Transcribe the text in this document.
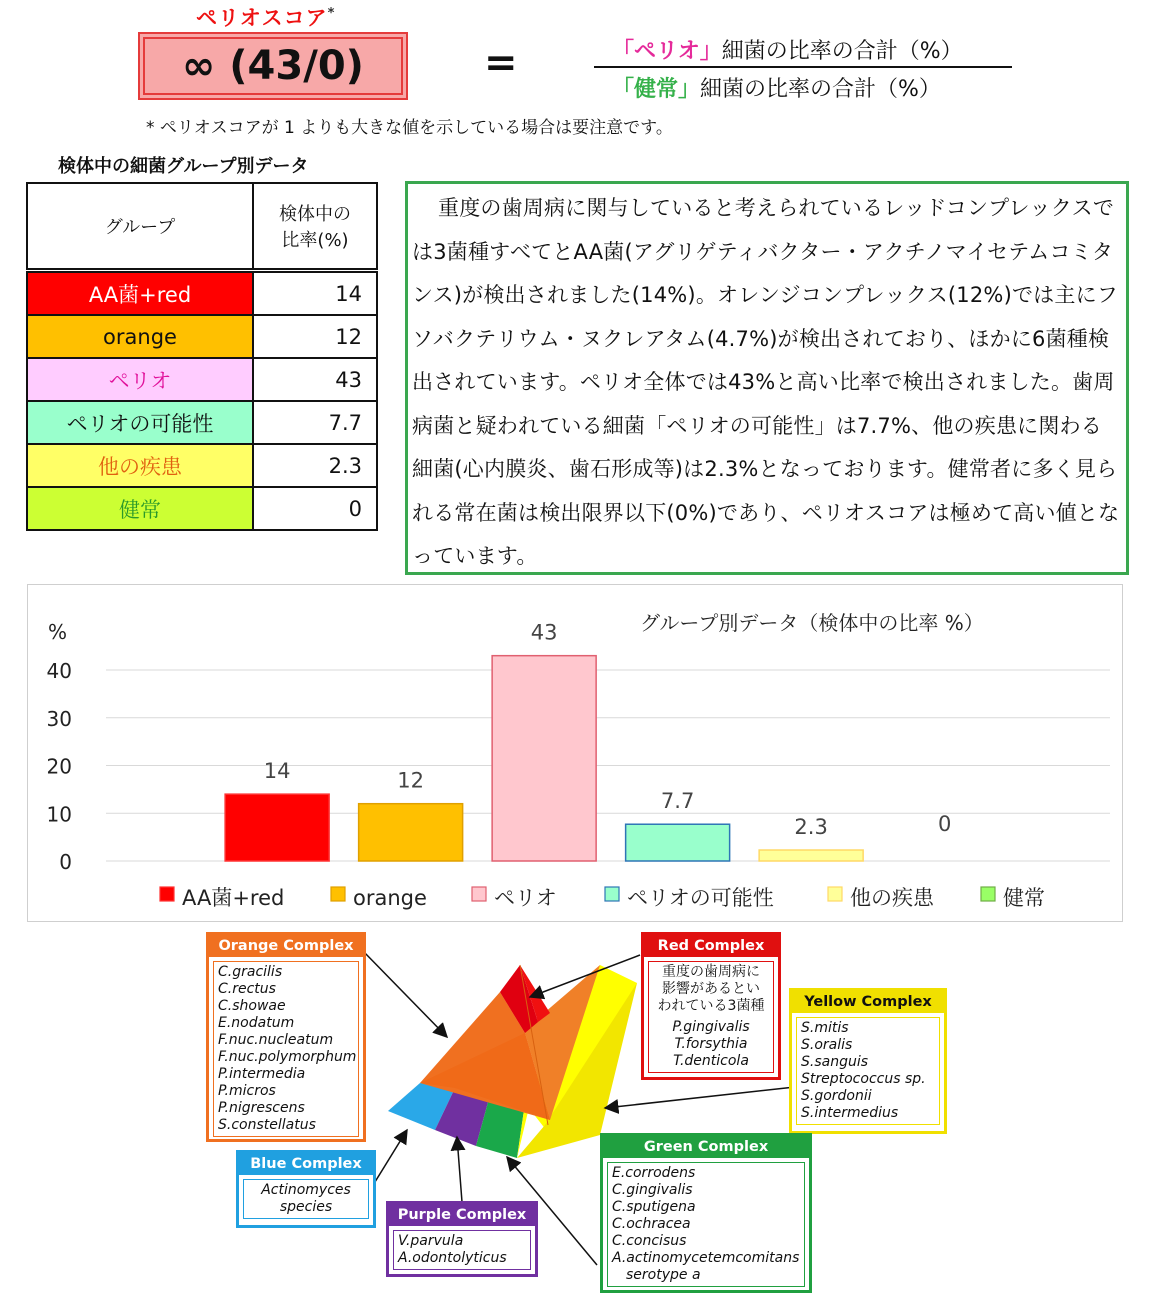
ペリオスコア*
∞ (43/0)	=	「ペリオ」細菌の比率の合計（%）
「健常」細菌の比率の合計（%）
* ペリオスコアが 1 よりも大きな値を示している場合は要注意です。
検体中の細菌グループ別データ
グループ	検体中の
比率(%)
AA菌+red	14
orange	12
ペリオ	43
ペリオの可能性	7.7
他の疾患	2.3
健常	0

重度の歯周病に関与していると考えられているレッドコンプレックスでは3菌種すべてとAA菌(アグリゲティバクター・アクチノマイセテムコミタンス)が検出されました(14%)。オレンジコンプレックス(12%)では主にフソバクテリウム・ヌクレアタム(4.7%)が検出されており、ほかに6菌種検出されています。ペリオ全体では43%と高い比率で検出されました。歯周病菌と疑われている細菌「ペリオの可能性」は7.7%、他の疾患に関わる細菌(心内膜炎、歯石形成等)は2.3%となっております。健常者に多く見られる常在菌は検出限界以下(0%)であり、ペリオスコアは極めて高い値となっています。

0
10
20
30
40
%	グループ別データ（検体中の比率 %）
14	12
43
7.7
2.3	0
AA菌+red	orange	ペリオ	ペリオの可能性	他の疾患	健常
Orange Complex
C.gracilis
C.rectus
C.showae
E.nodatum
F.nuc.nucleatum
F.nuc.polymorphum
P.intermedia
P.micros
P.nigrescens
S.constellatus
Red Complex
重度の歯周病に
影響があるとい
われている3菌種
P.gingivalis
T.forsythia
T.denticola
Yellow Complex
S.mitis
S.oralis
S.sanguis
Streptococcus sp.
S.gordonii
S.intermedius
Green Complex
E.corrodens
C.gingivalis
C.sputigena
C.ochracea
C.concisus
A.actinomycetemcomitans
serotype a
Blue Complex
Actinomyces
species	Purple Complex
V.parvula
A.odontolyticus
